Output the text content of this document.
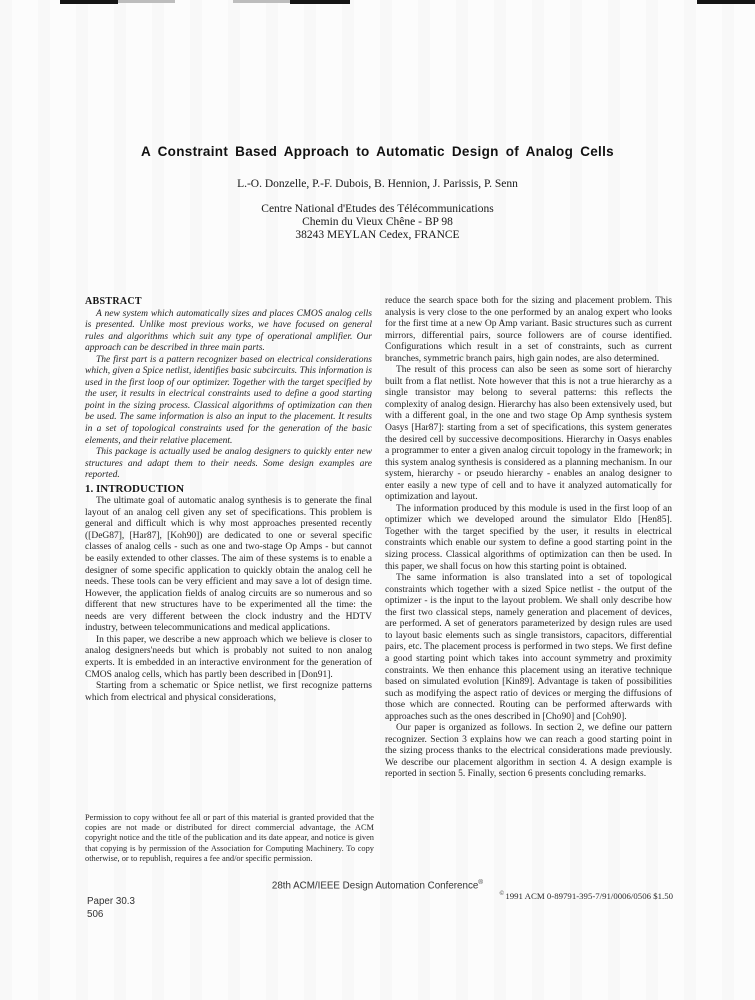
A Constraint Based Approach to Automatic Design of Analog Cells
L.-O. Donzelle, P.-F. Dubois, B. Hennion, J. Parissis, P. Senn
Centre National d'Etudes des Télécommunications
Chemin du Vieux Chêne - BP 98
38243 MEYLAN Cedex, FRANCE
ABSTRACT

A new system which automatically sizes and places CMOS analog cells is presented. Unlike most previous works, we have focused on general rules and algorithms which suit any type of operational amplifier. Our approach can be described in three main parts.

The first part is a pattern recognizer based on electrical considerations which, given a Spice netlist, identifies basic subcircuits. This information is used in the first loop of our optimizer. Together with the target specified by the user, it results in electrical constraints used to define a good starting point in the sizing process. Classical algorithms of optimization can then be used. The same information is also an input to the placement. It results in a set of topological constraints used for the generation of the basic elements, and their relative placement.

This package is actually used be analog designers to quickly enter new structures and adapt them to their needs. Some design examples are reported.

1. INTRODUCTION

The ultimate goal of automatic analog synthesis is to generate the final layout of an analog cell given any set of specifications. This problem is general and difficult which is why most approaches presented recently ([DeG87], [Har87], [Koh90]) are dedicated to one or several specific classes of analog cells - such as one and two-stage Op Amps - but cannot be easily extended to other classes. The aim of these systems is to enable a designer of some specific application to quickly obtain the analog cell he needs. These tools can be very efficient and may save a lot of design time. However, the application fields of analog circuits are so numerous and so different that new structures have to be experimented all the time: the needs are very different between the clock industry and the HDTV industry, between telecommunications and medical applications.

In this paper, we describe a new approach which we believe is closer to analog designers'needs but which is probably not suited to non analog experts. It is embedded in an interactive environment for the generation of CMOS analog cells, which has partly been described in [Don91].

Starting from a schematic or Spice netlist, we first recognize patterns which from electrical and physical considerations,

reduce the search space both for the sizing and placement problem. This analysis is very close to the one performed by an analog expert who looks for the first time at a new Op Amp variant. Basic structures such as current mirrors, differential pairs, source followers are of course identified. Configurations which result in a set of constraints, such as current branches, symmetric branch pairs, high gain nodes, are also determined.

The result of this process can also be seen as some sort of hierarchy built from a flat netlist. Note however that this is not a true hierarchy as a single transistor may belong to several patterns: this reflects the complexity of analog design. Hierarchy has also been extensively used, but with a different goal, in the one and two stage Op Amp synthesis system Oasys [Har87]: starting from a set of specifications, this system generates the desired cell by successive decompositions. Hierarchy in Oasys enables a programmer to enter a given analog circuit topology in the framework; in this system analog synthesis is considered as a planning mechanism. In our system, hierarchy - or pseudo hierarchy - enables an analog designer to enter easily a new type of cell and to have it analyzed automatically for optimization and layout.

The information produced by this module is used in the first loop of an optimizer which we developed around the simulator Eldo [Hen85]. Together with the target specified by the user, it results in electrical constraints which enable our system to define a good starting point in the sizing process. Classical algorithms of optimization can then be used. In this paper, we shall focus on how this starting point is obtained.

The same information is also translated into a set of topological constraints which together with a sized Spice netlist - the output of the optimizer - is the input to the layout problem. We shall only describe how the first two classical steps, namely generation and placement of devices, are performed. A set of generators parameterized by design rules are used to layout basic elements such as single transistors, capacitors, differential pairs, etc. The placement process is performed in two steps. We first define a good starting point which takes into account symmetry and proximity constraints. We then enhance this placement using an iterative technique based on simulated evolution [Kin89]. Advantage is taken of possibilities such as modifying the aspect ratio of devices or merging the diffusions of those which are connected. Routing can be performed afterwards with approaches such as the ones described in [Cho90] and [Coh90].

Our paper is organized as follows. In section 2, we define our pattern recognizer. Section 3 explains how we can reach a good starting point in the sizing process thanks to the electrical considerations made previously. We describe our placement algorithm in section 4. A design example is reported in section 5. Finally, section 6 presents concluding remarks.

Permission to copy without fee all or part of this material is granted provided that the copies are not made or distributed for direct commercial advantage, the ACM copyright notice and the title of the publication and its date appear, and notice is given that copying is by permission of the Association for Computing Machinery. To copy otherwise, or to republish, requires a fee and/or specific permission.
28th ACM/IEEE Design Automation Conference®
Paper 30.3
506
©1991 ACM 0-89791-395-7/91/0006/0506 $1.50
